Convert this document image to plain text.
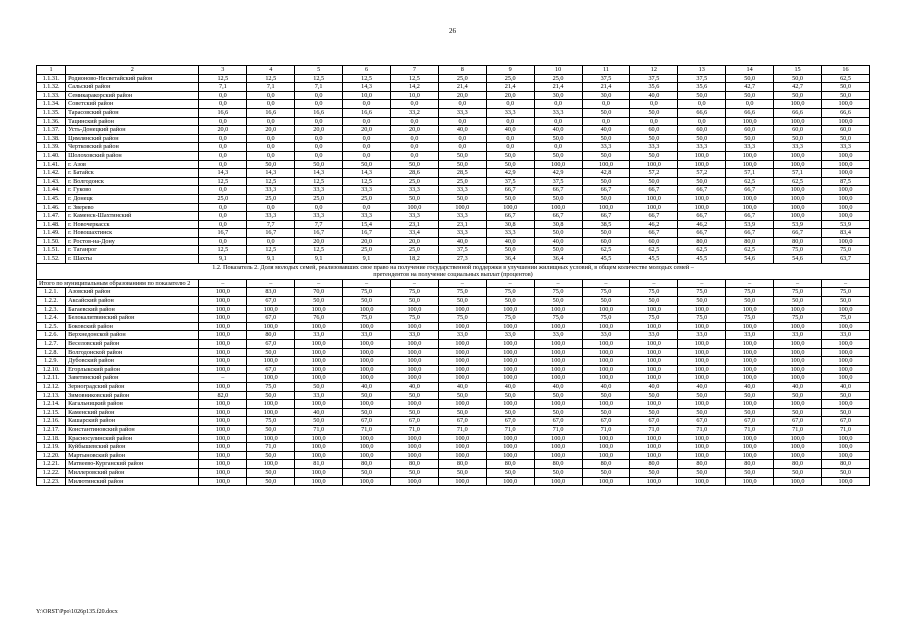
26
1	2	3	4	5	6	7	8	9	10	11	12	13	14	15	16
1.1.31.	Родионово-Несветайский район	12,5	12,5	12,5	12,5	12,5	25,0	25,0	25,0	37,5	37,5	37,5	50,0	50,0	62,5
1.1.32.	Сальский район	7,1	7,1	7,1	14,3	14,2	21,4	21,4	21,4	21,4	35,6	35,6	42,7	42,7	50,0
1.1.33.	Семикаракорский район	0,0	0,0	0,0	10,0	10,0	20,0	20,0	30,0	30,0	40,0	50,0	50,0	50,0	50,0
1.1.34.	Советский район	0,0	0,0	0,0	0,0	0,0	0,0	0,0	0,0	0,0	0,0	0,0	0,0	100,0	100,0
1.1.35.	Тарасовский район	16,6	16,6	16,6	16,6	33,2	33,3	33,3	33,3	50,0	50,0	66,6	66,6	66,6	66,6
1.1.36.	Тацинский район	0,0	0,0	0,0	0,0	0,0	0,0	0,0	0,0	0,0	0,0	0,0	100,0	100,0	100,0
1.1.37.	Усть-Донецкий район	20,0	20,0	20,0	20,0	20,0	40,0	40,0	40,0	40,0	60,0	60,0	60,0	60,0	60,0
1.1.38.	Цимлянский район	0,0	0,0	0,0	0,0	0,0	0,0	0,0	50,0	50,0	50,0	50,0	50,0	50,0	50,0
1.1.39.	Чертковский район	0,0	0,0	0,0	0,0	0,0	0,0	0,0	0,0	33,3	33,3	33,3	33,3	33,3	33,3
1.1.40.	Шолоховский район	0,0	0,0	0,0	0,0	0,0	50,0	50,0	50,0	50,0	50,0	100,0	100,0	100,0	100,0
1.1.41.	г. Азов	0,0	50,0	50,0	50,0	50,0	50,0	50,0	100,0	100,0	100,0	100,0	100,0	100,0	100,0
1.1.42.	г. Батайск	14,3	14,3	14,3	14,3	28,6	28,5	42,9	42,9	42,8	57,2	57,2	57,1	57,1	100,0
1.1.43.	г. Волгодонск	12,5	12,5	12,5	12,5	25,0	25,0	37,5	37,5	50,0	50,0	50,0	62,5	62,5	87,5
1.1.44.	г. Гуково	0,0	33,3	33,3	33,3	33,3	33,3	66,7	66,7	66,7	66,7	66,7	66,7	100,0	100,0
1.1.45.	г. Донецк	25,0	25,0	25,0	25,0	50,0	50,0	50,0	50,0	50,0	100,0	100,0	100,0	100,0	100,0
1.1.46.	г. Зверево	0,0	0,0	0,0	0,0	100,0	100,0	100,0	100,0	100,0	100,0	100,0	100,0	100,0	100,0
1.1.47.	г. Каменск-Шахтинский	0,0	33,3	33,3	33,3	33,3	33,3	66,7	66,7	66,7	66,7	66,7	66,7	100,0	100,0
1.1.48.	г. Новочеркасск	0,0	7,7	7,7	15,4	23,1	23,1	30,8	30,8	38,5	46,2	46,2	53,9	53,9	53,9
1.1.49.	г. Новошахтинск	16,7	16,7	16,7	16,7	33,4	33,3	33,3	50,0	50,0	66,7	66,7	66,7	66,7	83,4
1.1.50.	г. Ростов-на-Дону	0,0	0,0	20,0	20,0	20,0	40,0	40,0	40,0	60,0	60,0	80,0	80,0	80,0	100,0
1.1.51.	г. Таганрог	12,5	12,5	12,5	25,0	25,0	37,5	50,0	50,0	62,5	62,5	62,5	62,5	75,0	75,0
1.1.52.	г. Шахты	9,1	9,1	9,1	9,1	18,2	27,3	36,4	36,4	45,5	45,5	45,5	54,6	54,6	63,7
1.2. Показатель 2. Доля молодых семей, реализовавших свое право на получение государственной поддержки в улучшении жилищных условий, в общем количестве молодых семей – претендентов на получение социальных выплат (процентов)															
Итого по муниципальным образованиям по показателю 2		–	–	–	–	–	–	–	–	–	–	–	–	–	–
1.2.1.	Азовский район	100,0	83,0	70,0	75,0	75,0	75,0	75,0	75,0	75,0	75,0	75,0	75,0	75,0	75,0
1.2.2.	Аксайский район	100,0	67,0	50,0	50,0	50,0	50,0	50,0	50,0	50,0	50,0	50,0	50,0	50,0	50,0
1.2.3.	Багаевский район	100,0	100,0	100,0	100,0	100,0	100,0	100,0	100,0	100,0	100,0	100,0	100,0	100,0	100,0
1.2.4.	Белокалитвинский район	100,0	67,0	76,0	75,0	75,0	75,0	75,0	75,0	75,0	75,0	75,0	75,0	75,0	75,0
1.2.5.	Боковский район	100,0	100,0	100,0	100,0	100,0	100,0	100,0	100,0	100,0	100,0	100,0	100,0	100,0	100,0
1.2.6.	Верхнедонской район	100,0	80,0	33,0	33,0	33,0	33,0	33,0	33,0	33,0	33,0	33,0	33,0	33,0	33,0
1.2.7.	Веселовский район	100,0	67,0	100,0	100,0	100,0	100,0	100,0	100,0	100,0	100,0	100,0	100,0	100,0	100,0
1.2.8.	Волгодонской район	100,0	50,0	100,0	100,0	100,0	100,0	100,0	100,0	100,0	100,0	100,0	100,0	100,0	100,0
1.2.9.	Дубовский район	100,0	100,0	100,0	100,0	100,0	100,0	100,0	100,0	100,0	100,0	100,0	100,0	100,0	100,0
1.2.10.	Егорлыкский район	100,0	67,0	100,0	100,0	100,0	100,0	100,0	100,0	100,0	100,0	100,0	100,0	100,0	100,0
1.2.11.	Заветинский район	–	100,0	100,0	100,0	100,0	100,0	100,0	100,0	100,0	100,0	100,0	100,0	100,0	100,0
1.2.12.	Зерноградский район	100,0	75,0	50,0	40,0	40,0	40,0	40,0	40,0	40,0	40,0	40,0	40,0	40,0	40,0
1.2.13.	Зимовниковский район	82,0	50,0	33,0	50,0	50,0	50,0	50,0	50,0	50,0	50,0	50,0	50,0	50,0	50,0
1.2.14.	Кагальницкий район	100,0	100,0	100,0	100,0	100,0	100,0	100,0	100,0	100,0	100,0	100,0	100,0	100,0	100,0
1.2.15.	Каменский район	100,0	100,0	40,0	50,0	50,0	50,0	50,0	50,0	50,0	50,0	50,0	50,0	50,0	50,0
1.2.16.	Кашарский район	100,0	75,0	50,0	67,0	67,0	67,0	67,0	67,0	67,0	67,0	67,0	67,0	67,0	67,0
1.2.17.	Константиновский район	100,0	50,0	71,0	71,0	71,0	71,0	71,0	71,0	71,0	71,0	71,0	71,0	71,0	71,0
1.2.18.	Красносулинский район	100,0	100,0	100,0	100,0	100,0	100,0	100,0	100,0	100,0	100,0	100,0	100,0	100,0	100,0
1.2.19.	Куйбышевский район	100,0	71,0	100,0	100,0	100,0	100,0	100,0	100,0	100,0	100,0	100,0	100,0	100,0	100,0
1.2.20.	Мартыновский район	100,0	50,0	100,0	100,0	100,0	100,0	100,0	100,0	100,0	100,0	100,0	100,0	100,0	100,0
1.2.21.	Матвеево-Курганский район	100,0	100,0	81,0	80,0	80,0	80,0	80,0	80,0	80,0	80,0	80,0	80,0	80,0	80,0
1.2.22.	Миллеровский район	100,0	50,0	100,0	50,0	50,0	50,0	50,0	50,0	50,0	50,0	50,0	50,0	50,0	50,0
1.2.23.	Милютинский район	100,0	50,0	100,0	100,0	100,0	100,0	100,0	100,0	100,0	100,0	100,0	100,0	100,0	100,0
Y:\ORST\Ppo\1026p135.f20.docx
